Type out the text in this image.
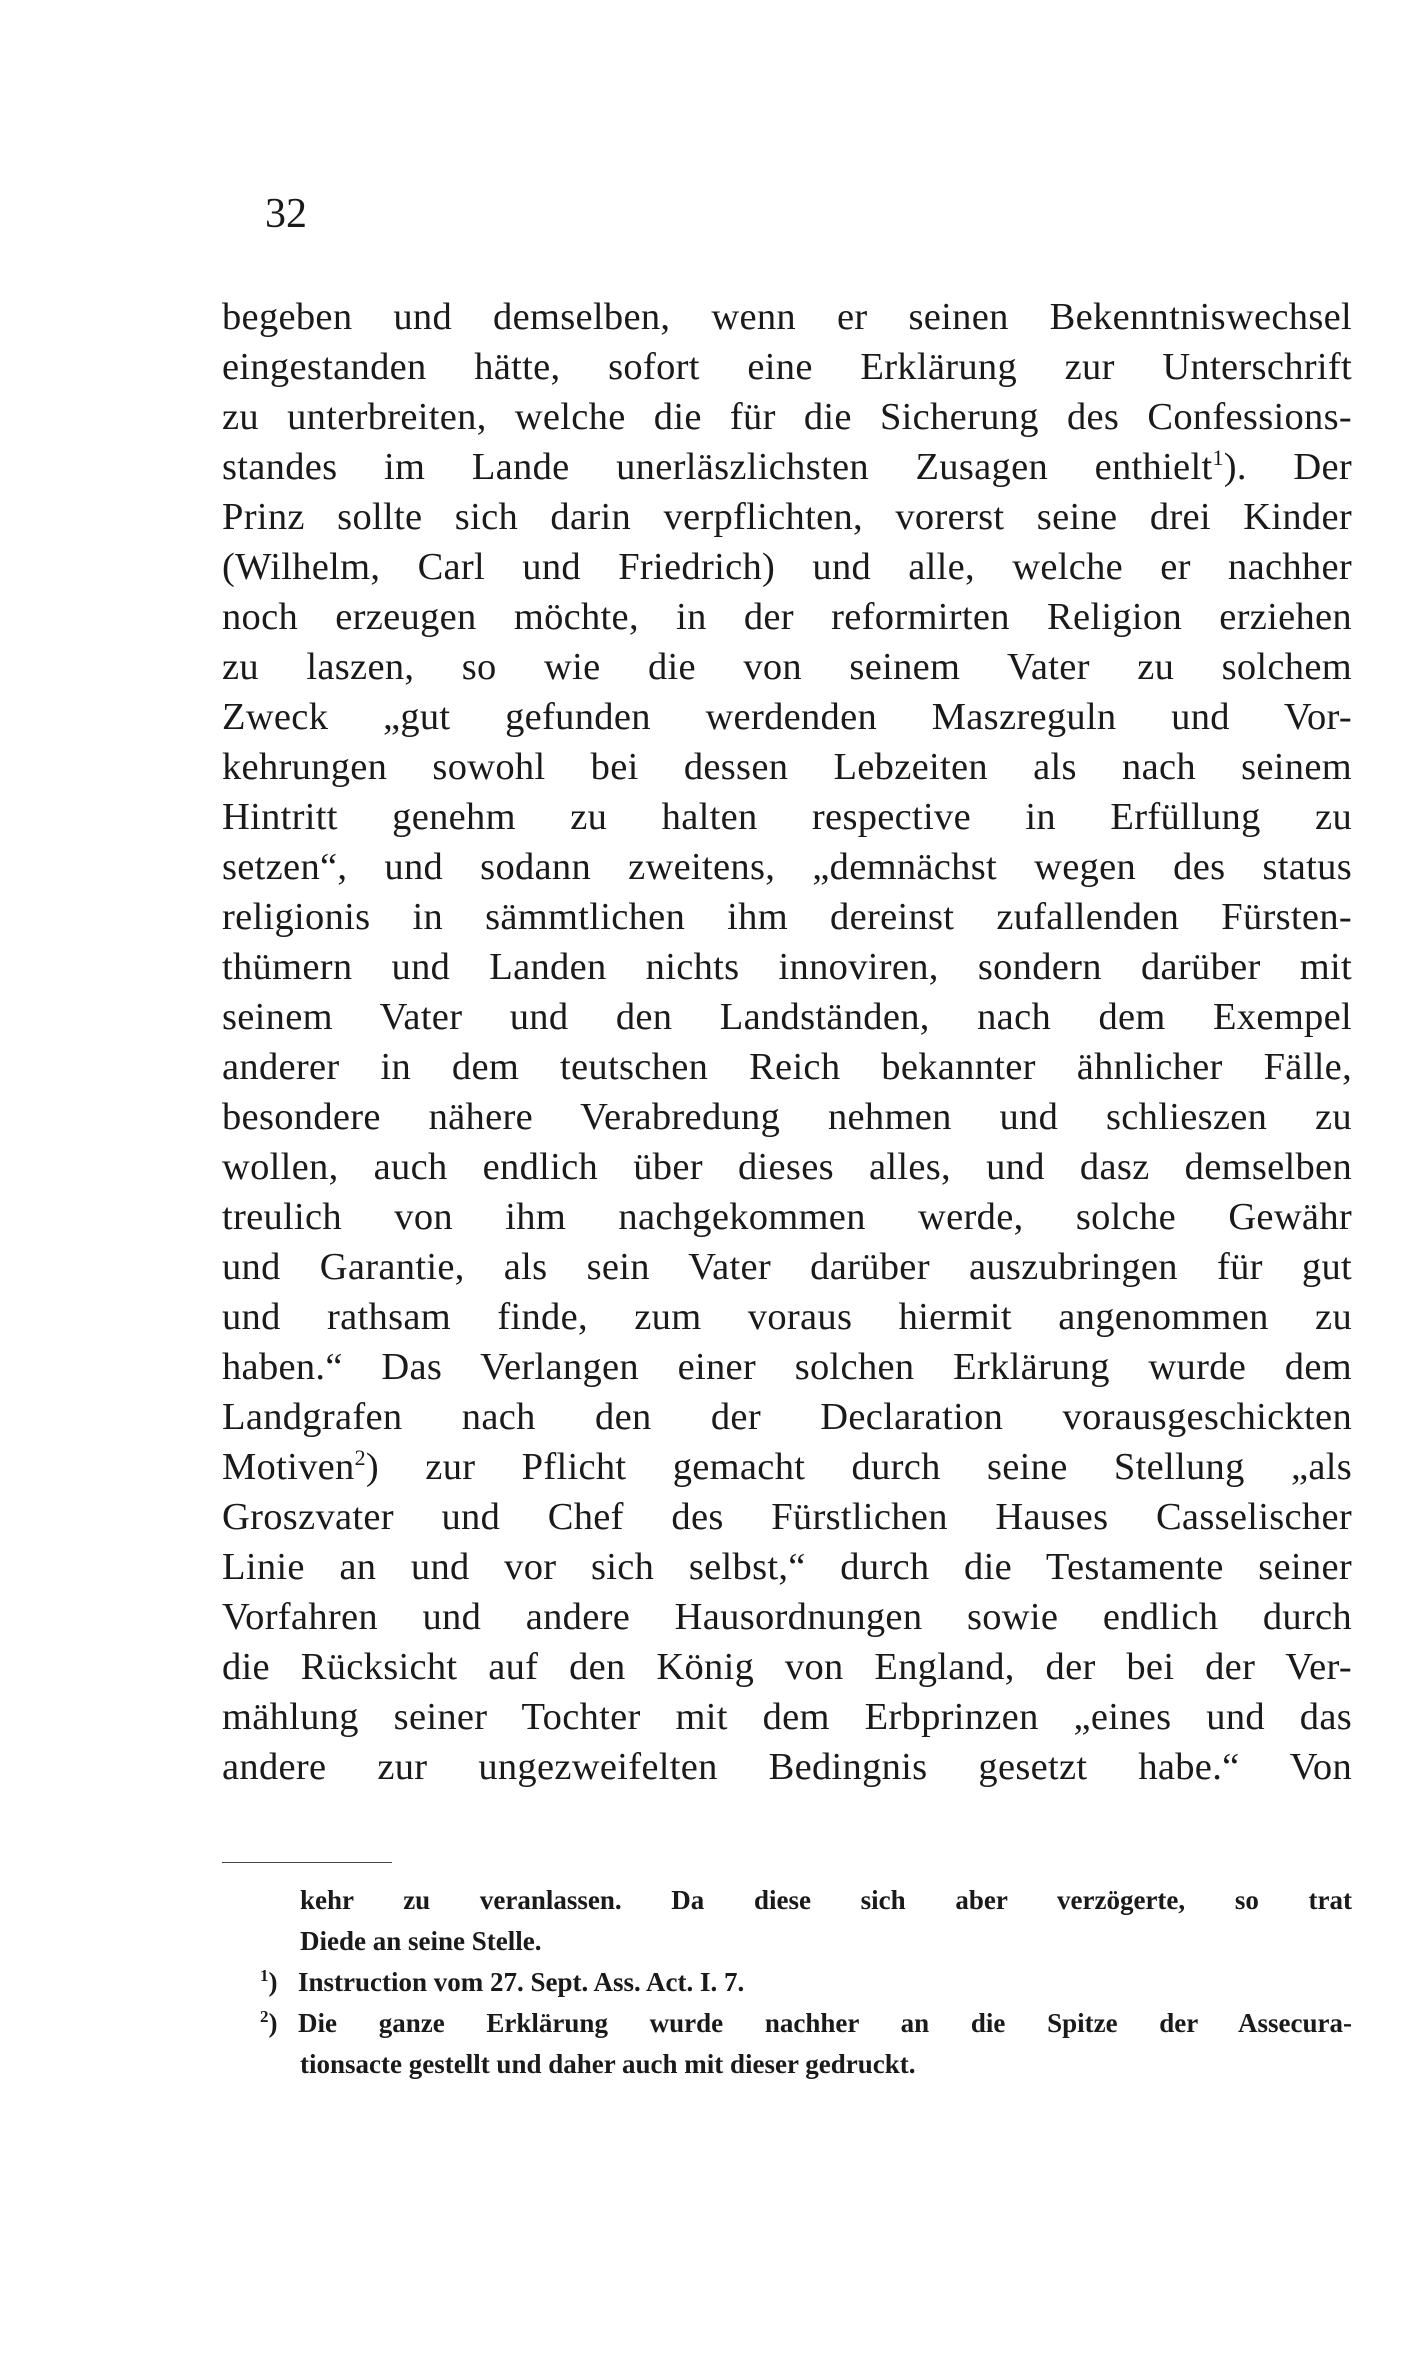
32
begeben und demselben, wenn er seinen Bekenntniswechsel
eingestanden hätte, sofort eine Erklärung zur Unterschrift
zu unterbreiten, welche die für die Sicherung des Confessions-
standes im Lande unerläszlichsten Zusagen enthielt$^1$). Der
Prinz sollte sich darin verpflichten, vorerst seine drei Kinder
(Wilhelm, Carl und Friedrich) und alle, welche er nachher
noch erzeugen möchte, in der reformirten Religion erziehen
zu laszen, so wie die von seinem Vater zu solchem
Zweck „gut gefunden werdenden Maszreguln und Vor-
kehrungen sowohl bei dessen Lebzeiten als nach seinem
Hintritt genehm zu halten respective in Erfüllung zu
setzen“, und sodann zweitens, „demnächst wegen des status
religionis in sämmtlichen ihm dereinst zufallenden Fürsten-
thümern und Landen nichts innoviren, sondern darüber mit
seinem Vater und den Landständen, nach dem Exempel
anderer in dem teutschen Reich bekannter ähnlicher Fälle,
besondere nähere Verabredung nehmen und schlieszen zu
wollen, auch endlich über dieses alles, und dasz demselben
treulich von ihm nachgekommen werde, solche Gewähr
und Garantie, als sein Vater darüber auszubringen für gut
und rathsam finde, zum voraus hiermit angenommen zu
haben.“ Das Verlangen einer solchen Erklärung wurde dem
Landgrafen nach den der Declaration vorausgeschickten
Motiven$^2$) zur Pflicht gemacht durch seine Stellung „als
Groszvater und Chef des Fürstlichen Hauses Casselischer
Linie an und vor sich selbst,“ durch die Testamente seiner
Vorfahren und andere Hausordnungen sowie endlich durch
die Rücksicht auf den König von England, der bei der Ver-
mählung seiner Tochter mit dem Erbprinzen „eines und das
andere zur ungezweifelten Bedingnis gesetzt habe.“ Von
kehr zu veranlassen. Da diese sich aber verzögerte, so trat
Diede an seine Stelle.
$^1$) Instruction vom 27. Sept. Ass. Act. I. 7.
$^2$) Die ganze Erklärung wurde nachher an die Spitze der Assecura-
tionsacte gestellt und daher auch mit dieser gedruckt.
